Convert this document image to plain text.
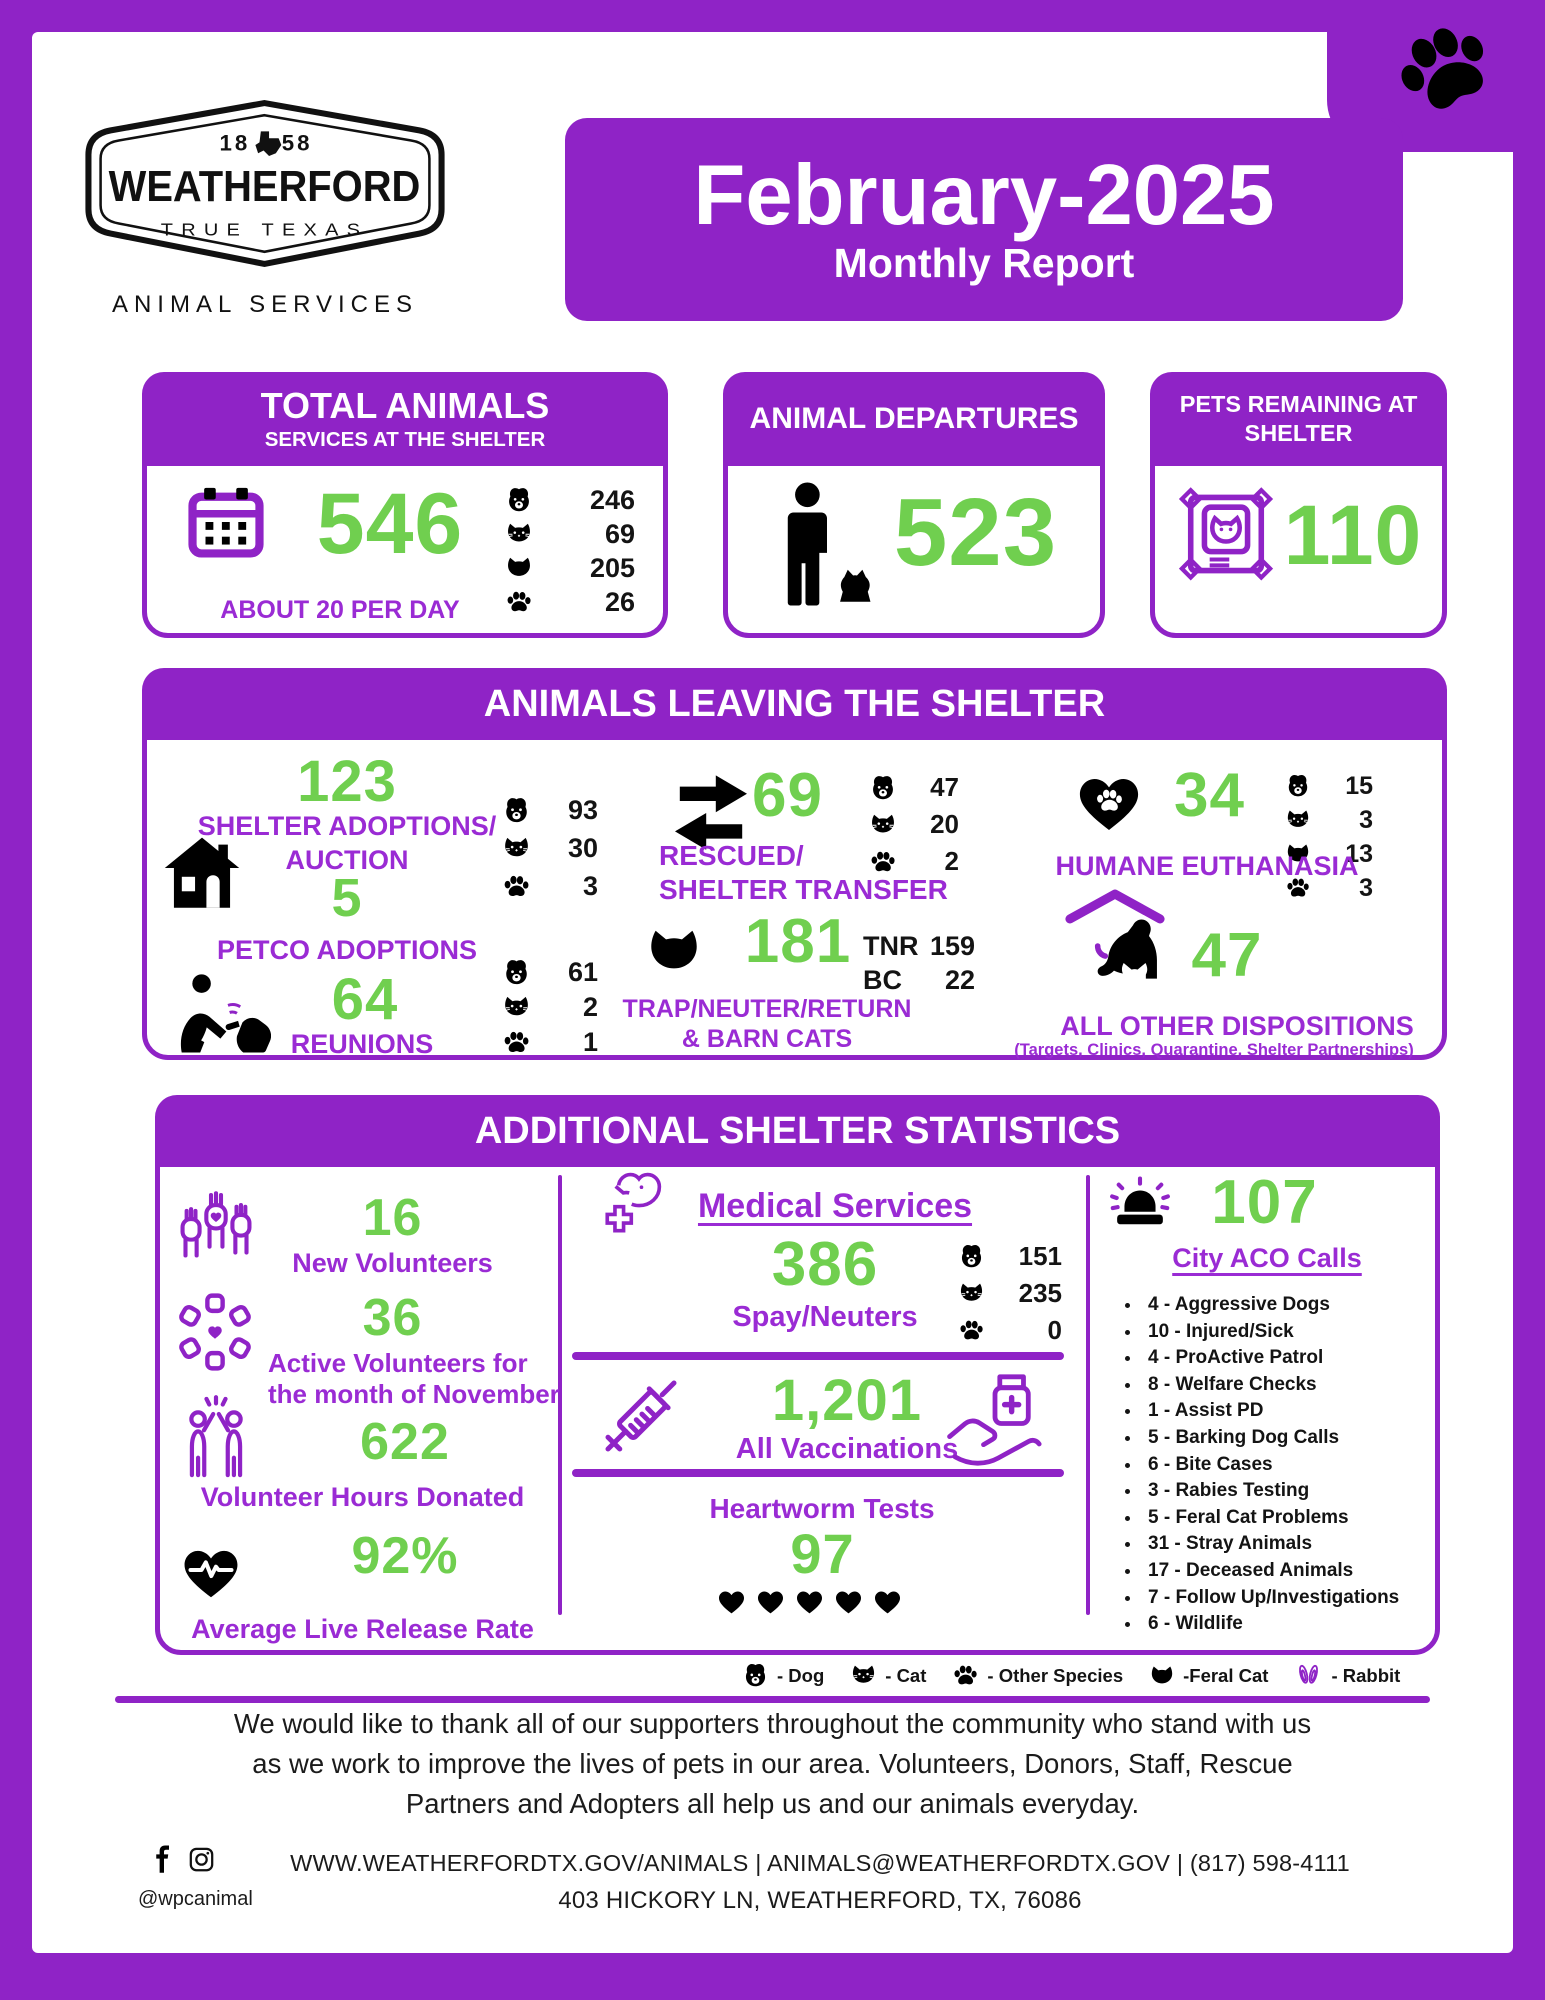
18 58
WEATHERFORD
TRUE TEXAS
ANIMAL SERVICES
February-2025
Monthly Report
TOTAL ANIMALS
SERVICES AT THE SHELTER
546	246
69
205
26
ABOUT 20 PER DAY
ANIMAL DEPARTURES
523
PETS REMAINING AT SHELTER
110
ANIMALS LEAVING THE SHELTER
123
SHELTER ADOPTIONS/
AUCTION
93
30
3
5
PETCO ADOPTIONS
64
REUNIONS
61
2
1
69	47
20
2
RESCUED/
SHELTER TRANSFER
181 TNR 159
BC 22
TRAP/NEUTER/RETURN
& BARN CATS
34	15
3
13
3
HUMANE EUTHANASIA
47
ALL OTHER DISPOSITIONS
(Targets, Clinics, Quarantine, Shelter Partnerships)
ADDITIONAL SHELTER STATISTICS
16
New Volunteers
36
Active Volunteers for
the month of November
622
Volunteer Hours Donated
92%
Average Live Release Rate
Medical Services
386
Spay/Neuters
151
235
0
1,201
All Vaccinations
Heartworm Tests
97
107
City ACO Calls
• 4 - Aggressive Dogs
• 10 - Injured/Sick
• 4 - ProActive Patrol
• 8 - Welfare Checks
• 1 - Assist PD
• 5 - Barking Dog Calls
• 6 - Bite Cases
• 3 - Rabies Testing
• 5 - Feral Cat Problems
• 31 - Stray Animals
• 17 - Deceased Animals
• 7 - Follow Up/Investigations
• 6 - Wildlife
- Dog	- Cat	- Other Species	-Feral Cat	- Rabbit
We would like to thank all of our supporters throughout the community who stand with us
as we work to improve the lives of pets in our area. Volunteers, Donors, Staff, Rescue
Partners and Adopters all help us and our animals everyday.
@wpcanimal
WWW.WEATHERFORDTX.GOV/ANIMALS | ANIMALS@WEATHERFORDTX.GOV | (817) 598-4111
403 HICKORY LN, WEATHERFORD, TX, 76086
